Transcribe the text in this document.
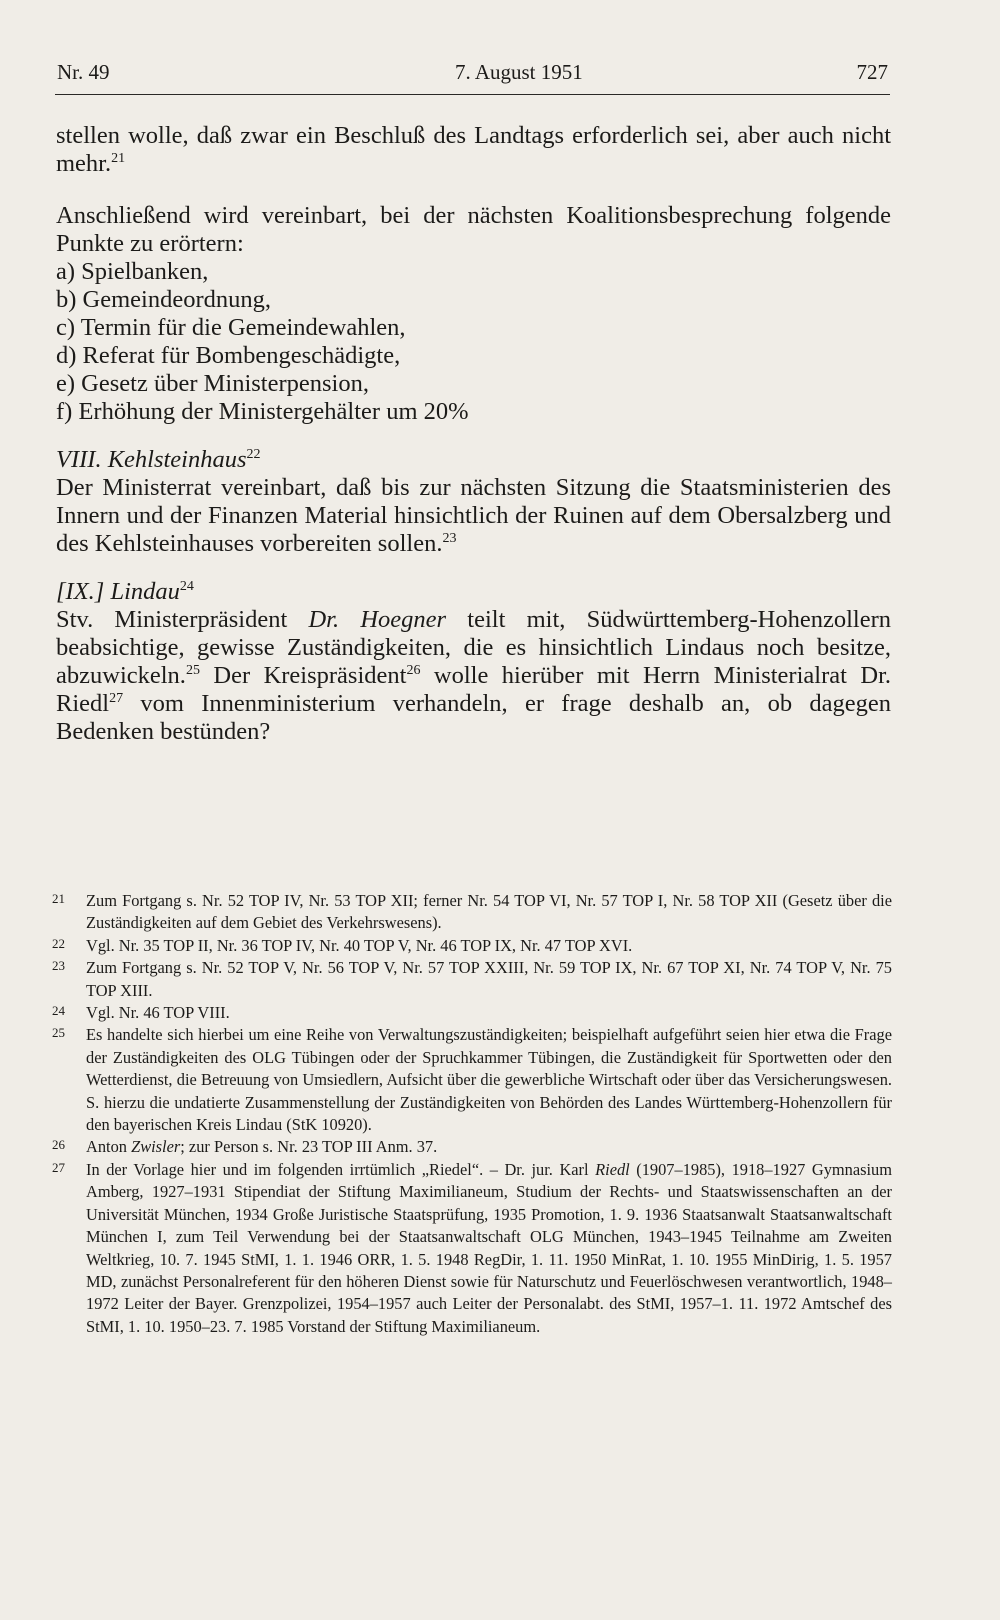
Nr. 49	7. August 1951	727

stellen wolle, daß zwar ein Beschluß des Landtags erforderlich sei, aber auch nicht mehr.$^{21}$

Anschließend wird vereinbart, bei der nächsten Koalitionsbesprechung folgende Punkte zu erörtern:

a) Spielbanken,

b) Gemeindeordnung,

c) Termin für die Gemeindewahlen,

d) Referat für Bombengeschädigte,

e) Gesetz über Ministerpension,

f) Erhöhung der Ministergehälter um 20%

VIII. Kehlsteinhaus$^{22}$

Der Ministerrat vereinbart, daß bis zur nächsten Sitzung die Staatsministerien des Innern und der Finanzen Material hinsichtlich der Ruinen auf dem Obersalzberg und des Kehlsteinhauses vorbereiten sollen.$^{23}$

[IX.] Lindau$^{24}$

Stv. Ministerpräsident Dr. Hoegner teilt mit, Südwürttemberg-Hohenzollern beabsichtige, gewisse Zuständigkeiten, die es hinsichtlich Lindaus noch besitze, abzuwickeln.$^{25}$ Der Kreispräsident$^{26}$ wolle hierüber mit Herrn Ministerialrat Dr. Riedl$^{27}$ vom Innenministerium verhandeln, er frage deshalb an, ob dagegen Bedenken bestünden?

21 Zum Fortgang s. Nr. 52 TOP IV, Nr. 53 TOP XII; ferner Nr. 54 TOP VI, Nr. 57 TOP I, Nr. 58 TOP XII (Gesetz über die Zuständigkeiten auf dem Gebiet des Verkehrswesens).
22 Vgl. Nr. 35 TOP II, Nr. 36 TOP IV, Nr. 40 TOP V, Nr. 46 TOP IX, Nr. 47 TOP XVI.
23 Zum Fortgang s. Nr. 52 TOP V, Nr. 56 TOP V, Nr. 57 TOP XXIII, Nr. 59 TOP IX, Nr. 67 TOP XI, Nr. 74 TOP V, Nr. 75 TOP XIII.
24 Vgl. Nr. 46 TOP VIII.
25 Es handelte sich hierbei um eine Reihe von Verwaltungszuständigkeiten; beispielhaft aufgeführt seien hier etwa die Frage der Zuständigkeiten des OLG Tübingen oder der Spruchkammer Tübingen, die Zuständigkeit für Sportwetten oder den Wetterdienst, die Betreuung von Umsiedlern, Aufsicht über die gewerbliche Wirtschaft oder über das Versicherungswesen. S. hierzu die undatierte Zusammenstellung der Zuständigkeiten von Behörden des Landes Württemberg-Hohenzollern für den bayerischen Kreis Lindau (StK 10920).
26 Anton Zwisler; zur Person s. Nr. 23 TOP III Anm. 37.
27 In der Vorlage hier und im folgenden irrtümlich „Riedel“. – Dr. jur. Karl Riedl (1907–1985), 1918–1927 Gymnasium Amberg, 1927–1931 Stipendiat der Stiftung Maximilianeum, Studium der Rechts- und Staatswissenschaften an der Universität München, 1934 Große Juristische Staatsprüfung, 1935 Promotion, 1. 9. 1936 Staatsanwalt Staatsanwaltschaft München I, zum Teil Verwendung bei der Staatsanwaltschaft OLG München, 1943–1945 Teilnahme am Zweiten Weltkrieg, 10. 7. 1945 StMI, 1. 1. 1946 ORR, 1. 5. 1948 RegDir, 1. 11. 1950 MinRat, 1. 10. 1955 MinDirig, 1. 5. 1957 MD, zunächst Personalreferent für den höheren Dienst sowie für Naturschutz und Feuerlöschwesen verantwortlich, 1948–1972 Leiter der Bayer. Grenzpolizei, 1954–1957 auch Leiter der Personalabt. des StMI, 1957–1. 11. 1972 Amtschef des StMI, 1. 10. 1950–23. 7. 1985 Vorstand der Stiftung Maximilianeum.
